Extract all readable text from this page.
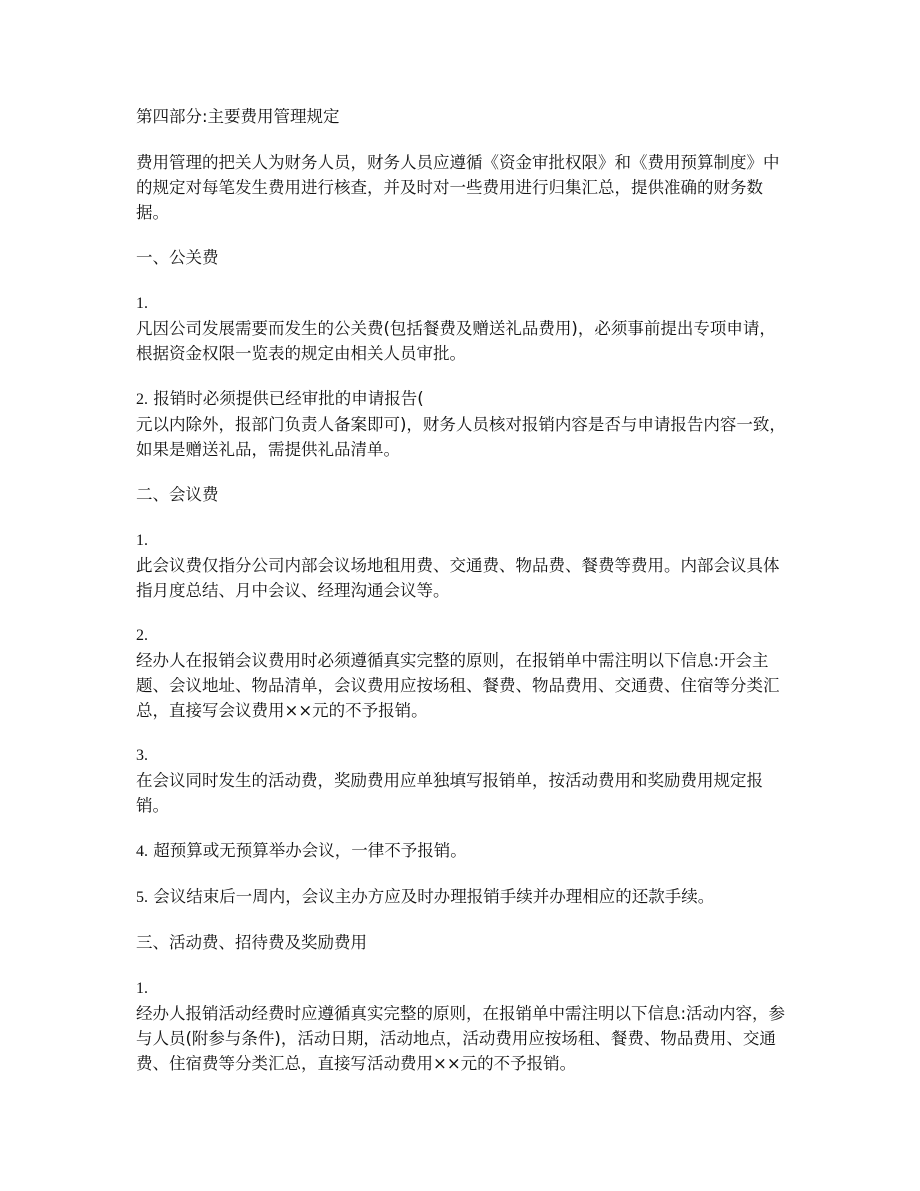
第四部分:主要费用管理规定
费用管理的把关人为财务人员，财务人员应遵循《资金审批权限》和《费用预算制度》中的规定对每笔发生费用进行核查，并及时对一些费用进行归集汇总，提供准确的财务数据。
一、公关费
1.
凡因公司发展需要而发生的公关费(包括餐费及赠送礼品费用)，必须事前提出专项申请，根据资金权限一览表的规定由相关人员审批。
2. 报销时必须提供已经审批的申请报告(
元以内除外，报部门负责人备案即可)，财务人员核对报销内容是否与申请报告内容一致，如果是赠送礼品，需提供礼品清单。
二、会议费
1.
此会议费仅指分公司内部会议场地租用费、交通费、物品费、餐费等费用。内部会议具体指月度总结、月中会议、经理沟通会议等。
2.
经办人在报销会议费用时必须遵循真实完整的原则，在报销单中需注明以下信息:开会主题、会议地址、物品清单，会议费用应按场租、餐费、物品费用、交通费、住宿等分类汇总，直接写会议费用××元的不予报销。
3.
在会议同时发生的活动费，奖励费用应单独填写报销单，按活动费用和奖励费用规定报销。
4. 超预算或无预算举办会议，一律不予报销。
5. 会议结束后一周内，会议主办方应及时办理报销手续并办理相应的还款手续。
三、活动费、招待费及奖励费用
1.
经办人报销活动经费时应遵循真实完整的原则，在报销单中需注明以下信息:活动内容，参与人员(附参与条件)，活动日期，活动地点，活动费用应按场租、餐费、物品费用、交通费、住宿费等分类汇总，直接写活动费用××元的不予报销。
